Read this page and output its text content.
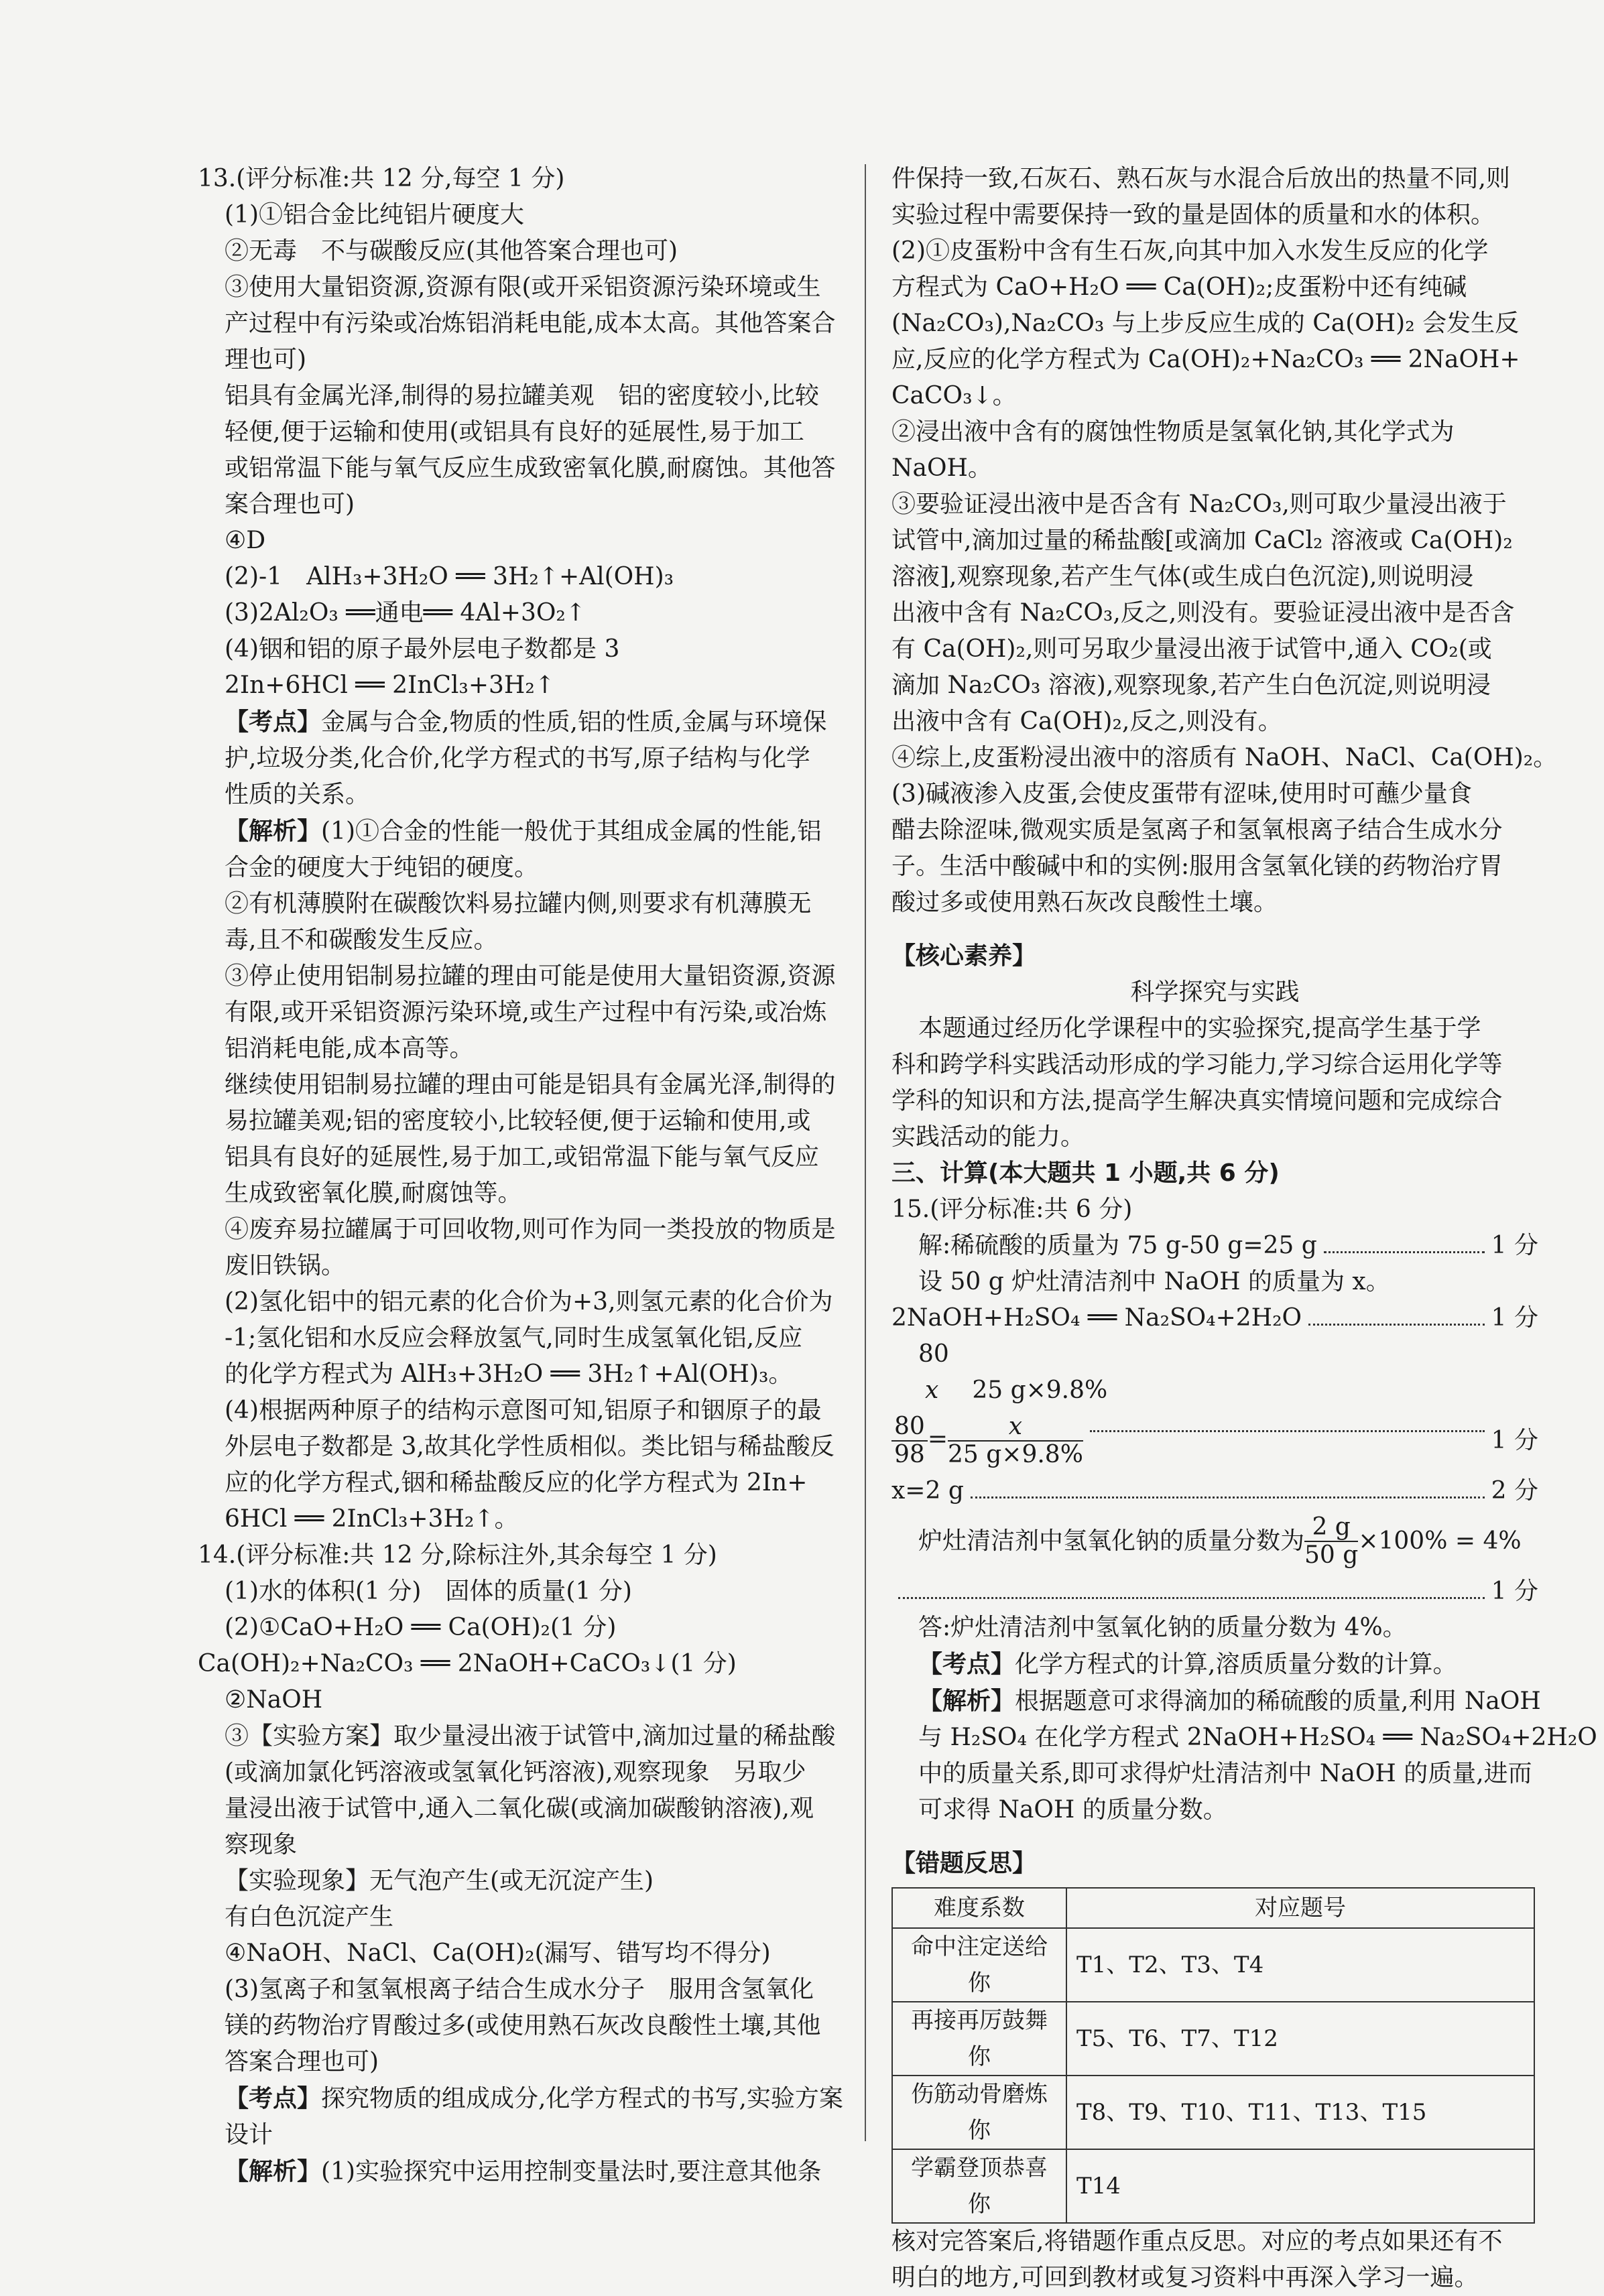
13.(评分标准:共 12 分,每空 1 分)
(1)①铝合金比纯铝片硬度大
②无毒　不与碳酸反应(其他答案合理也可)
③使用大量铝资源,资源有限(或开采铝资源污染环境或生
产过程中有污染或冶炼铝消耗电能,成本太高。其他答案合
理也可)
铝具有金属光泽,制得的易拉罐美观　铝的密度较小,比较
轻便,便于运输和使用(或铝具有良好的延展性,易于加工
或铝常温下能与氧气反应生成致密氧化膜,耐腐蚀。其他答
案合理也可)
④D
(2)-1　AlH₃+3H₂O ══ 3H₂↑+Al(OH)₃
(3)2Al₂O₃ ══通电══ 4Al+3O₂↑
(4)铟和铝的原子最外层电子数都是 3
2In+6HCl ══ 2InCl₃+3H₂↑
【考点】金属与合金,物质的性质,铝的性质,金属与环境保
护,垃圾分类,化合价,化学方程式的书写,原子结构与化学
性质的关系。
【解析】(1)①合金的性能一般优于其组成金属的性能,铝
合金的硬度大于纯铝的硬度。
②有机薄膜附在碳酸饮料易拉罐内侧,则要求有机薄膜无
毒,且不和碳酸发生反应。
③停止使用铝制易拉罐的理由可能是使用大量铝资源,资源
有限,或开采铝资源污染环境,或生产过程中有污染,或冶炼
铝消耗电能,成本高等。
继续使用铝制易拉罐的理由可能是铝具有金属光泽,制得的
易拉罐美观;铝的密度较小,比较轻便,便于运输和使用,或
铝具有良好的延展性,易于加工,或铝常温下能与氧气反应
生成致密氧化膜,耐腐蚀等。
④废弃易拉罐属于可回收物,则可作为同一类投放的物质是
废旧铁锅。
(2)氢化铝中的铝元素的化合价为+3,则氢元素的化合价为
-1;氢化铝和水反应会释放氢气,同时生成氢氧化铝,反应
的化学方程式为 AlH₃+3H₂O ══ 3H₂↑+Al(OH)₃。
(4)根据两种原子的结构示意图可知,铝原子和铟原子的最
外层电子数都是 3,故其化学性质相似。类比铝与稀盐酸反
应的化学方程式,铟和稀盐酸反应的化学方程式为 2In+
6HCl ══ 2InCl₃+3H₂↑。
14.(评分标准:共 12 分,除标注外,其余每空 1 分)
(1)水的体积(1 分)　固体的质量(1 分)
(2)①CaO+H₂O ══ Ca(OH)₂(1 分)
Ca(OH)₂+Na₂CO₃ ══ 2NaOH+CaCO₃↓(1 分)
②NaOH
③【实验方案】取少量浸出液于试管中,滴加过量的稀盐酸
(或滴加氯化钙溶液或氢氧化钙溶液),观察现象　另取少
量浸出液于试管中,通入二氧化碳(或滴加碳酸钠溶液),观
察现象
【实验现象】无气泡产生(或无沉淀产生)
有白色沉淀产生
④NaOH、NaCl、Ca(OH)₂(漏写、错写均不得分)
(3)氢离子和氢氧根离子结合生成水分子　服用含氢氧化
镁的药物治疗胃酸过多(或使用熟石灰改良酸性土壤,其他
答案合理也可)
【考点】探究物质的组成成分,化学方程式的书写,实验方案
设计
【解析】(1)实验探究中运用控制变量法时,要注意其他条
件保持一致,石灰石、熟石灰与水混合后放出的热量不同,则
实验过程中需要保持一致的量是固体的质量和水的体积。
(2)①皮蛋粉中含有生石灰,向其中加入水发生反应的化学
方程式为 CaO+H₂O ══ Ca(OH)₂;皮蛋粉中还有纯碱
(Na₂CO₃),Na₂CO₃ 与上步反应生成的 Ca(OH)₂ 会发生反
应,反应的化学方程式为 Ca(OH)₂+Na₂CO₃ ══ 2NaOH+
CaCO₃↓。
②浸出液中含有的腐蚀性物质是氢氧化钠,其化学式为
NaOH。
③要验证浸出液中是否含有 Na₂CO₃,则可取少量浸出液于
试管中,滴加过量的稀盐酸[或滴加 CaCl₂ 溶液或 Ca(OH)₂
溶液],观察现象,若产生气体(或生成白色沉淀),则说明浸
出液中含有 Na₂CO₃,反之,则没有。要验证浸出液中是否含
有 Ca(OH)₂,则可另取少量浸出液于试管中,通入 CO₂(或
滴加 Na₂CO₃ 溶液),观察现象,若产生白色沉淀,则说明浸
出液中含有 Ca(OH)₂,反之,则没有。
④综上,皮蛋粉浸出液中的溶质有 NaOH、NaCl、Ca(OH)₂。
(3)碱液渗入皮蛋,会使皮蛋带有涩味,使用时可蘸少量食
醋去除涩味,微观实质是氢离子和氢氧根离子结合生成水分
子。生活中酸碱中和的实例:服用含氢氧化镁的药物治疗胃
酸过多或使用熟石灰改良酸性土壤。
【核心素养】
科学探究与实践
本题通过经历化学课程中的实验探究,提高学生基于学
科和跨学科实践活动形成的学习能力,学习综合运用化学等
学科的知识和方法,提高学生解决真实情境问题和完成综合
实践活动的能力。
三、计算(本大题共 1 小题,共 6 分)
15.(评分标准:共 6 分)
解:稀硫酸的质量为 75 g-50 g=25 g	1 分
设 50 g 炉灶清洁剂中 NaOH 的质量为 x。
2NaOH+H₂SO₄ ══ Na₂SO₄+2H₂O	1 分
80
x 25 g×9.8%
$\frac{80}{98} = \frac{x}{25 g\times 9.8\%}$	1 分
x=2 g	2 分
炉灶清洁剂中氢氧化钠的质量分数为 $\frac{2 g}{50 g} \times 100\% = 4\%$
1 分
答:炉灶清洁剂中氢氧化钠的质量分数为 4%。
【考点】化学方程式的计算,溶质质量分数的计算。
【解析】根据题意可求得滴加的稀硫酸的质量,利用 NaOH
与 H₂SO₄ 在化学方程式 2NaOH+H₂SO₄ ══ Na₂SO₄+2H₂O
中的质量关系,即可求得炉灶清洁剂中 NaOH 的质量,进而
可求得 NaOH 的质量分数。
【错题反思】
难度系数	对应题号
命中注定送给你	T1、T2、T3、T4
再接再厉鼓舞你	T5、T6、T7、T12
伤筋动骨磨炼你	T8、T9、T10、T11、T13、T15
学霸登顶恭喜你	T14
核对完答案后,将错题作重点反思。对应的考点如果还有不
明白的地方,可回到教材或复习资料中再深入学习一遍。
